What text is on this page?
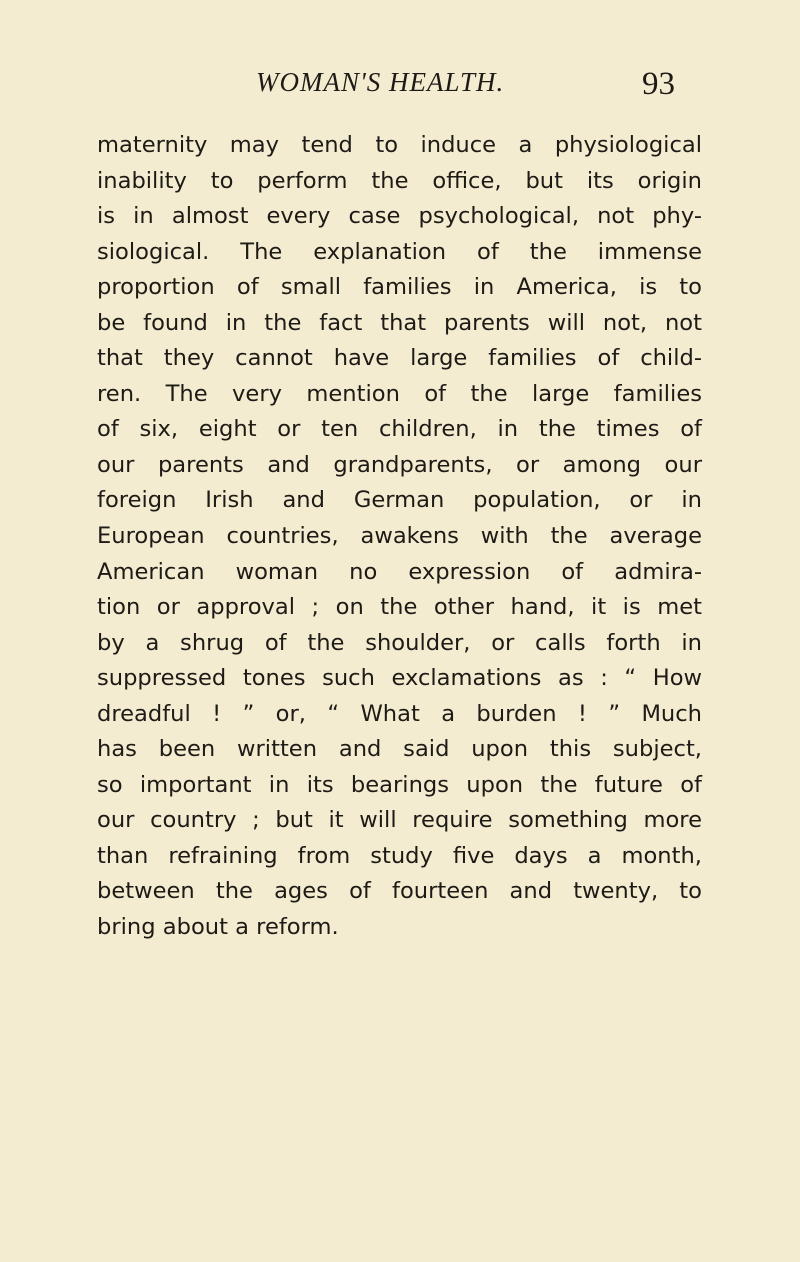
WOMAN'S HEALTH.	93

maternity may tend to induce a physiological
inability to perform the office, but its origin
is in almost every case psychological, not phy-
siological. The explanation of the immense
proportion of small families in America, is to
be found in the fact that parents will not, not
that they cannot have large families of child-
ren. The very mention of the large families
of six, eight or ten children, in the times of
our parents and grandparents, or among our
foreign Irish and German population, or in
European countries, awakens with the average
American woman no expression of admira-
tion or approval ; on the other hand, it is met
by a shrug of the shoulder, or calls forth in
suppressed tones such exclamations as : “ How
dreadful ! ” or, “ What a burden ! ” Much
has been written and said upon this subject,
so important in its bearings upon the future of
our country ; but it will require something more
than refraining from study five days a month,
between the ages of fourteen and twenty, to
bring about a reform.
